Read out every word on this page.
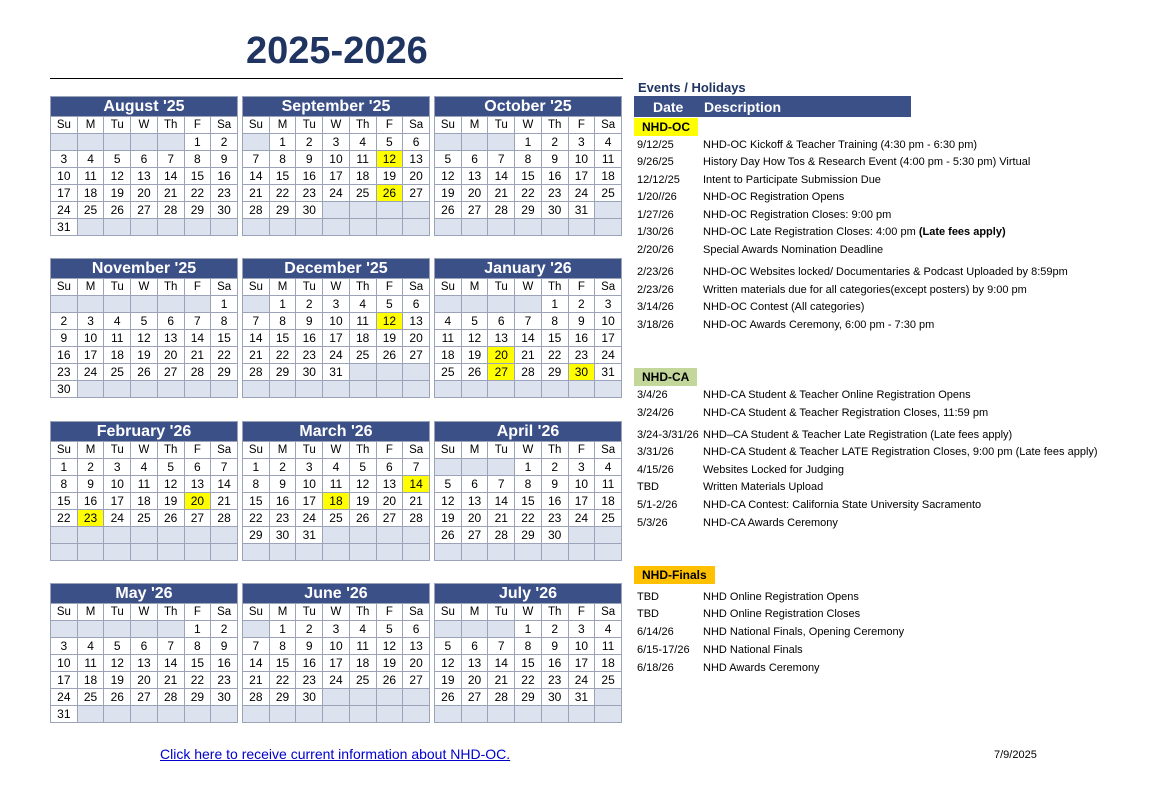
2025-2026
August '25						
Su	M	Tu	W	Th	F	Sa
					1	2
3	4	5	6	7	8	9
10	11	12	13	14	15	16
17	18	19	20	21	22	23
24	25	26	27	28	29	30
31						
September '25						
Su	M	Tu	W	Th	F	Sa
	1	2	3	4	5	6
7	8	9	10	11	12	13
14	15	16	17	18	19	20
21	22	23	24	25	26	27
28	29	30				

October '25						
Su	M	Tu	W	Th	F	Sa
			1	2	3	4
5	6	7	8	9	10	11
12	13	14	15	16	17	18
19	20	21	22	23	24	25
26	27	28	29	30	31	

November '25						
Su	M	Tu	W	Th	F	Sa
						1
2	3	4	5	6	7	8
9	10	11	12	13	14	15
16	17	18	19	20	21	22
23	24	25	26	27	28	29
30						
December '25						
Su	M	Tu	W	Th	F	Sa
	1	2	3	4	5	6
7	8	9	10	11	12	13
14	15	16	17	18	19	20
21	22	23	24	25	26	27
28	29	30	31			

January '26						
Su	M	Tu	W	Th	F	Sa
				1	2	3
4	5	6	7	8	9	10
11	12	13	14	15	16	17
18	19	20	21	22	23	24
25	26	27	28	29	30	31

February '26						
Su	M	Tu	W	Th	F	Sa
1	2	3	4	5	6	7
8	9	10	11	12	13	14
15	16	17	18	19	20	21
22	23	24	25	26	27	28

March '26						
Su	M	Tu	W	Th	F	Sa
1	2	3	4	5	6	7
8	9	10	11	12	13	14
15	16	17	18	19	20	21
22	23	24	25	26	27	28
29	30	31				

April '26						
Su	M	Tu	W	Th	F	Sa
			1	2	3	4
5	6	7	8	9	10	11
12	13	14	15	16	17	18
19	20	21	22	23	24	25
26	27	28	29	30		

May '26						
Su	M	Tu	W	Th	F	Sa
					1	2
3	4	5	6	7	8	9
10	11	12	13	14	15	16
17	18	19	20	21	22	23
24	25	26	27	28	29	30
31						
June '26						
Su	M	Tu	W	Th	F	Sa
	1	2	3	4	5	6
7	8	9	10	11	12	13
14	15	16	17	18	19	20
21	22	23	24	25	26	27
28	29	30				

July '26						
Su	M	Tu	W	Th	F	Sa
			1	2	3	4
5	6	7	8	9	10	11
12	13	14	15	16	17	18
19	20	21	22	23	24	25
26	27	28	29	30	31	

Events / Holidays
Date Description
NHD-OC
9/12/25	NHD-OC Kickoff & Teacher Training (4:30 pm - 6:30 pm)
9/26/25	History Day How Tos & Research Event (4:00 pm - 5:30 pm) Virtual
12/12/25 Intent to Participate Submission Due
1/20//26 NHD-OC Registration Opens
1/27/26	NHD-OC Registration Closes: 9:00 pm
1/30/26	NHD-OC Late Registration Closes: 4:00 pm (Late fees apply)
2/20/26	Special Awards Nomination Deadline
2/23/26	NHD-OC Websites locked/ Documentaries & Podcast Uploaded by 8:59pm
2/23/26	Written materials due for all categories(except posters) by 9:00 pm
3/14/26	NHD-OC Contest (All categories)
3/18/26	NHD-OC Awards Ceremony, 6:00 pm - 7:30 pm
NHD-CA
3/4/26	NHD-CA Student & Teacher Online Registration Opens
3/24/26	NHD-CA Student & Teacher Registration Closes, 11:59 pm
3/24-3/31/26 NHD–CA Student & Teacher Late Registration (Late fees apply)
3/31/26	NHD-CA Student & Teacher LATE Registration Closes, 9:00 pm (Late fees apply)
4/15/26	Websites Locked for Judging
TBD	Written Materials Upload
5/1-2/26 NHD-CA Contest: California State University Sacramento
5/3/26	NHD-CA Awards Ceremony
NHD-Finals
TBD	NHD Online Registration Opens
TBD	NHD Online Registration Closes
6/14/26	NHD National Finals, Opening Ceremony
6/15-17/26 NHD National Finals
6/18/26	NHD Awards Ceremony
Click here to receive current information about NHD-OC.	7/9/2025
